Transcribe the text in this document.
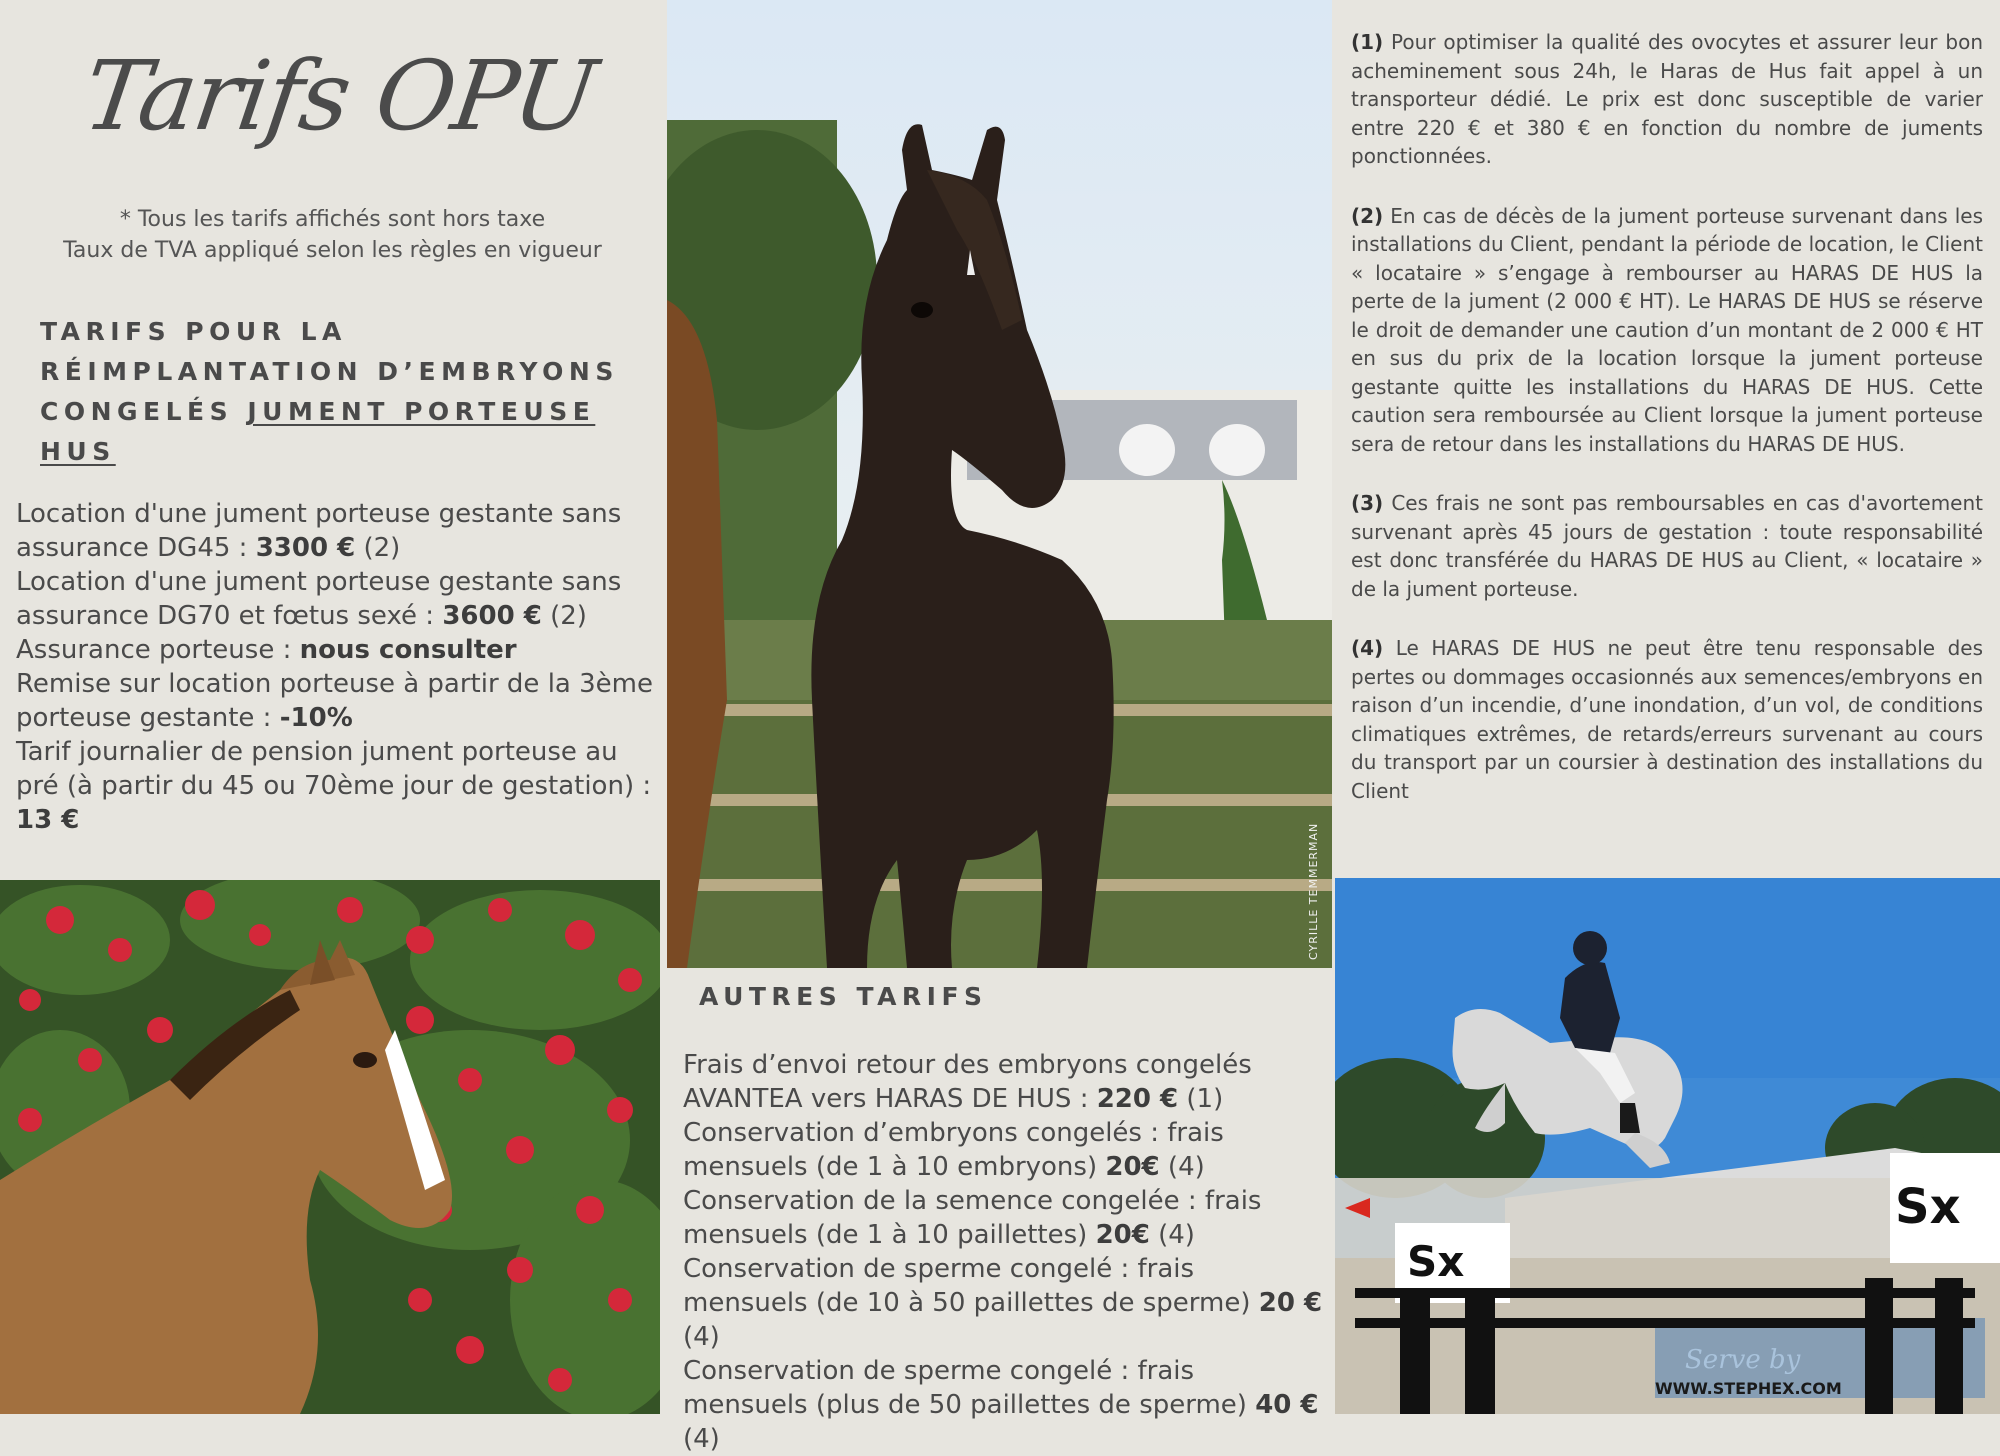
Tarifs OPU
* Tous les tarifs affichés sont hors taxe
Taux de TVA appliqué selon les règles en vigueur
TARIFS POUR LA
RÉIMPLANTATION D’EMBRYONS
CONGELÉS JUMENT PORTEUSE
HUS
Location d'une jument porteuse gestante sans assurance DG45 : 3300 € (2)
Location d'une jument porteuse gestante sans assurance DG70 et fœtus sexé : 3600 € (2)
Assurance porteuse : nous consulter
Remise sur location porteuse à partir de la 3ème porteuse gestante : -10%
Tarif journalier de pension jument porteuse au pré (à partir du 45 ou 70ème jour de gestation) : 13 €
CYRILLE TEMMERMAN
AUTRES TARIFS
Frais d’envoi retour des embryons congelés AVANTEA vers HARAS DE HUS : 220 € (1)
Conservation d’embryons congelés : frais mensuels (de 1 à 10 embryons) 20€ (4)
Conservation de la semence congelée : frais mensuels (de 1 à 10 paillettes) 20€ (4)
Conservation de sperme congelé : frais mensuels (de 10 à 50 paillettes de sperme) 20 € (4)
Conservation de sperme congelé : frais mensuels (plus de 50 paillettes de sperme) 40 € (4)

(1) Pour optimiser la qualité des ovocytes et assurer leur bon acheminement sous 24h, le Haras de Hus fait appel à un transporteur dédié. Le prix est donc susceptible de varier entre 220 € et 380 € en fonction du nombre de juments ponctionnées.

(2) En cas de décès de la jument porteuse survenant dans les installations du Client, pendant la période de location, le Client « locataire » s’engage à rembourser au HARAS DE HUS la perte de la jument (2 000 € HT). Le HARAS DE HUS se réserve le droit de demander une caution d’un montant de 2 000 € HT en sus du prix de la location lorsque la jument porteuse gestante quitte les installations du HARAS DE HUS. Cette caution sera remboursée au Client lorsque la jument porteuse sera de retour dans les installations du HARAS DE HUS.

(3) Ces frais ne sont pas remboursables en cas d'avortement survenant après 45 jours de gestation : toute responsabilité est donc transférée du HARAS DE HUS au Client, « locataire » de la jument porteuse.

(4) Le HARAS DE HUS ne peut être tenu responsable des pertes ou dommages occasionnés aux semences/embryons en raison d’un incendie, d’une inondation, d’un vol, de conditions climatiques extrêmes, de retards/erreurs survenant au cours du transport par un coursier à destination des installations du Client

Serve by
WWW.STEPHEX.COM
Sx
Sx
